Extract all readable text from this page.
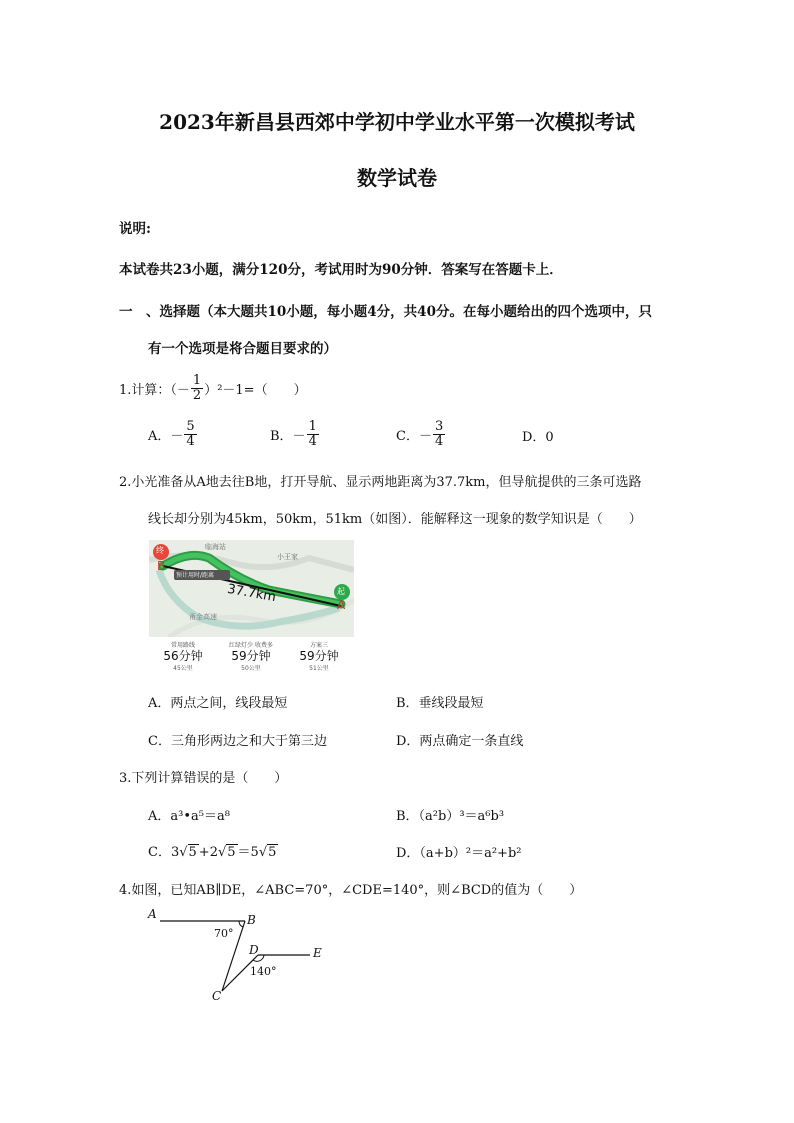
2023年新昌县西郊中学初中学业水平第一次模拟考试
数学试卷
说明:
本试卷共23小题，满分120分，考试用时为90分钟．答案写在答题卡上．
一　、选择题（本大题共10小题，每小题4分，共40分。在每小题给出的四个选项中，只
有一个选项是将合题目要求的）
1.计算：（－ $\frac{1}{2} )^2-1=$（　　）
A．－ $\frac{5}{4}$	B．－ $\frac{1}{4}$	C．－ $\frac{3}{4}$	D．0
2.小光准备从A地去往B地，打开导航、显示两地距离为37.7km，但导航提供的三条可选路
线长却分别为45km，50km，51km（如图）．能解释这一现象的数学知识是（　　）
终
起
B
A
37.7km
临海站
小王家
甬金高速
预计用时/距离
常用路线
56分钟
45公里
红绿灯少 收费多
59分钟
50公里
方案三
59分钟
51公里
A．两点之间，线段最短	B．垂线段最短
C．三角形两边之和大于第三边	D．两点确定一条直线
3.下列计算错误的是（　　）
A．a³•a⁵＝a⁸	B．（a²b）³＝a⁶b³
C．3√5 +2√5 ＝5√5	D．（a+b）²＝a²+b²
4.如图，已知AB∥DE，∠ABC=70°，∠CDE=140°，则∠BCD的值为（　　）
A	B
C
D	E
70°
140°
